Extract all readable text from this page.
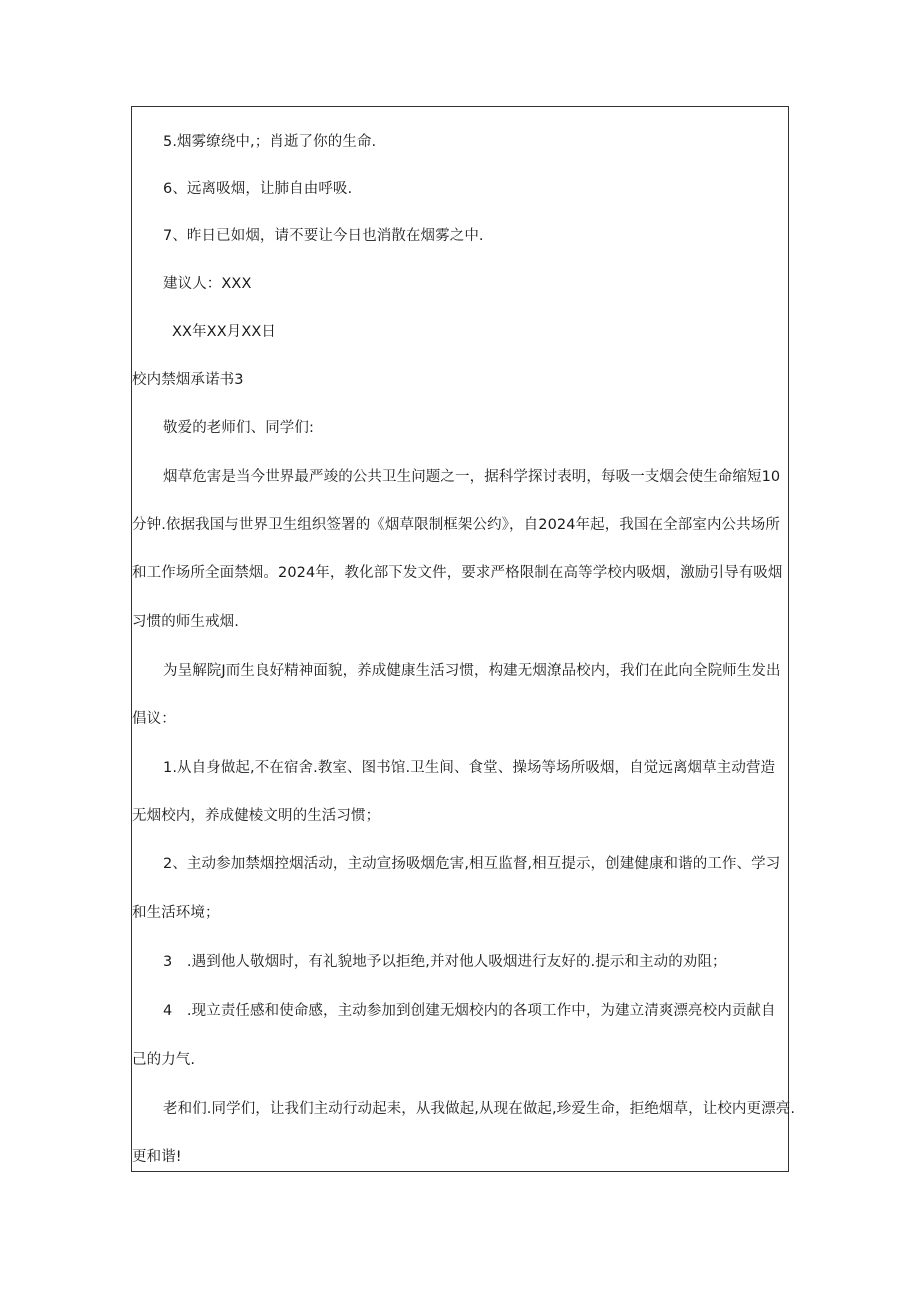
5.烟雾缭绕中,；肖逝了你的生命.
6、远离吸烟，让肺自由呼吸.
7、昨日已如烟，请不要让今日也消散在烟雾之中.
建议人：XXX
XX年XX月XX日
校内禁烟承诺书3
敬爱的老师们、同学们:
烟草危害是当今世界最严竣的公共卫生问题之一，据科学探讨表明，每吸一支烟会使生命缩短10
分钟.依据我国与世界卫生组织签署的《烟草限制框架公约》，自2024年起，我国在全部室内公共场所
和工作场所全面禁烟。2024年，教化部下发文件，要求严格限制在高等学校内吸烟，激励引导有吸烟
习惯的师生戒烟.
为呈解院J而生良好精神面貌，养成健康生活习惯，构建无烟潦品校内，我们在此向全院师生发出
倡议：
1.从自身做起,不在宿舍.教室、图书馆.卫生间、食堂、操场等场所吸烟，自觉远离烟草主动营造
无烟校内，养成健棱文明的生活习惯；
2、主动参加禁烟控烟活动，主动宣扬吸烟危害,相互监督,相互提示，创建健康和谐的工作、学习
和生活环境；
3　.遇到他人敬烟时，有礼貌地予以拒绝,并对他人吸烟进行友好的.提示和主动的劝阻；
4　.现立责任感和使命感，主动参加到创建无烟校内的各项工作中，为建立清爽漂亮校内贡献自
己的力气.
老和们.同学们，让我们主动行动起耒，从我做起,从现在做起,珍爱生命，拒绝烟草，让校内更漂亮.
更和谐!
